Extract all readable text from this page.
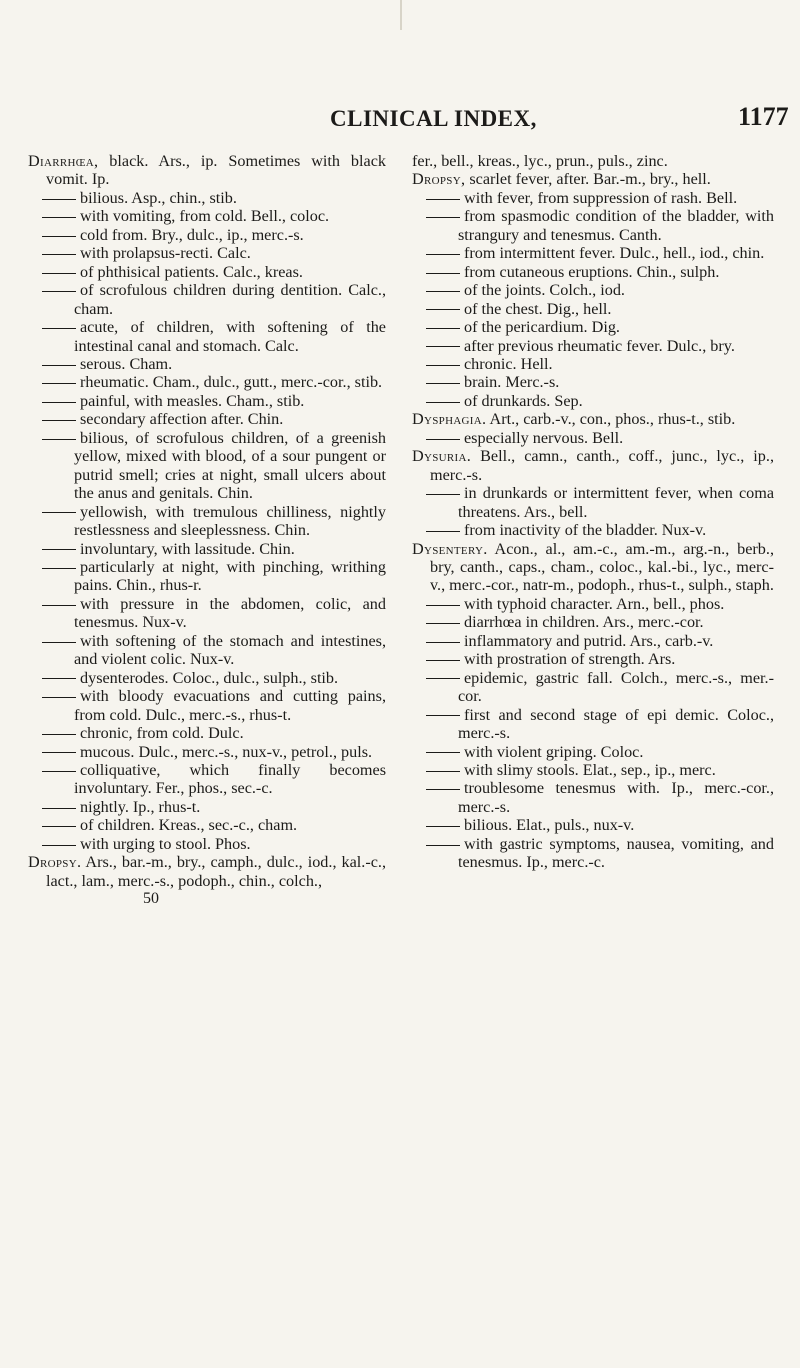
CLINICAL INDEX,	1177

Diarrhœa, black. Ars., ip. Sometimes with black vomit. Ip.

bilious. Asp., chin., stib.

with vomiting, from cold. Bell., coloc.

cold from. Bry., dulc., ip., merc.-s.

with prolapsus-recti. Calc.

of phthisical patients. Calc., kreas.

of scrofulous children during dentition. Calc., cham.

acute, of children, with softening of the intestinal canal and stomach. Calc.

serous. Cham.

rheumatic. Cham., dulc., gutt., merc.-cor., stib.

painful, with measles. Cham., stib.

secondary affection after. Chin.

bilious, of scrofulous children, of a greenish yellow, mixed with blood, of a sour pungent or putrid smell; cries at night, small ulcers about the anus and genitals. Chin.

yellowish, with tremulous chilliness, nightly restlessness and sleeplessness. Chin.

involuntary, with lassitude. Chin.

particularly at night, with pinching, writhing pains. Chin., rhus-r.

with pressure in the abdomen, colic, and tenesmus. Nux-v.

with softening of the stomach and intestines, and violent colic. Nux-v.

dysenterodes. Coloc., dulc., sulph., stib.

with bloody evacuations and cutting pains, from cold. Dulc., merc.-s., rhus-t.

chronic, from cold. Dulc.

mucous. Dulc., merc.-s., nux-v., petrol., puls.

colliquative, which finally becomes involuntary. Fer., phos., sec.-c.

nightly. Ip., rhus-t.

of children. Kreas., sec.-c., cham.

with urging to stool. Phos.

Dropsy. Ars., bar.-m., bry., camph., dulc., iod., kal.-c., lact., lam., merc.-s., podoph., chin., colch.,

50

fer., bell., kreas., lyc., prun., puls., zinc.

Dropsy, scarlet fever, after. Bar.-m., bry., hell.

with fever, from suppression of rash. Bell.

from spasmodic condition of the bladder, with strangury and tenesmus. Canth.

from intermittent fever. Dulc., hell., iod., chin.

from cutaneous eruptions. Chin., sulph.

of the joints. Colch., iod.

of the chest. Dig., hell.

of the pericardium. Dig.

after previous rheumatic fever. Dulc., bry.

chronic. Hell.

brain. Merc.-s.

of drunkards. Sep.

Dysphagia. Art., carb.-v., con., phos., rhus-t., stib.

especially nervous. Bell.

Dysuria. Bell., camn., canth., coff., junc., lyc., ip., merc.-s.

in drunkards or intermittent fever, when coma threatens. Ars., bell.

from inactivity of the bladder. Nux-v.

Dysentery. Acon., al., am.-c., am.-m., arg.-n., berb., bry, canth., caps., cham., coloc., kal.-bi., lyc., merc-v., merc.-cor., natr-m., podoph., rhus-t., sulph., staph.

with typhoid character. Arn., bell., phos.

diarrhœa in children. Ars., merc.-cor.

inflammatory and putrid. Ars., carb.-v.

with prostration of strength. Ars.

epidemic, gastric fall. Colch., merc.-s., mer.-cor.

first and second stage of epi demic. Coloc., merc.-s.

with violent griping. Coloc.

with slimy stools. Elat., sep., ip., merc.

troublesome tenesmus with. Ip., merc.-cor., merc.-s.

bilious. Elat., puls., nux-v.

with gastric symptoms, nausea, vomiting, and tenesmus. Ip., merc.-c.
